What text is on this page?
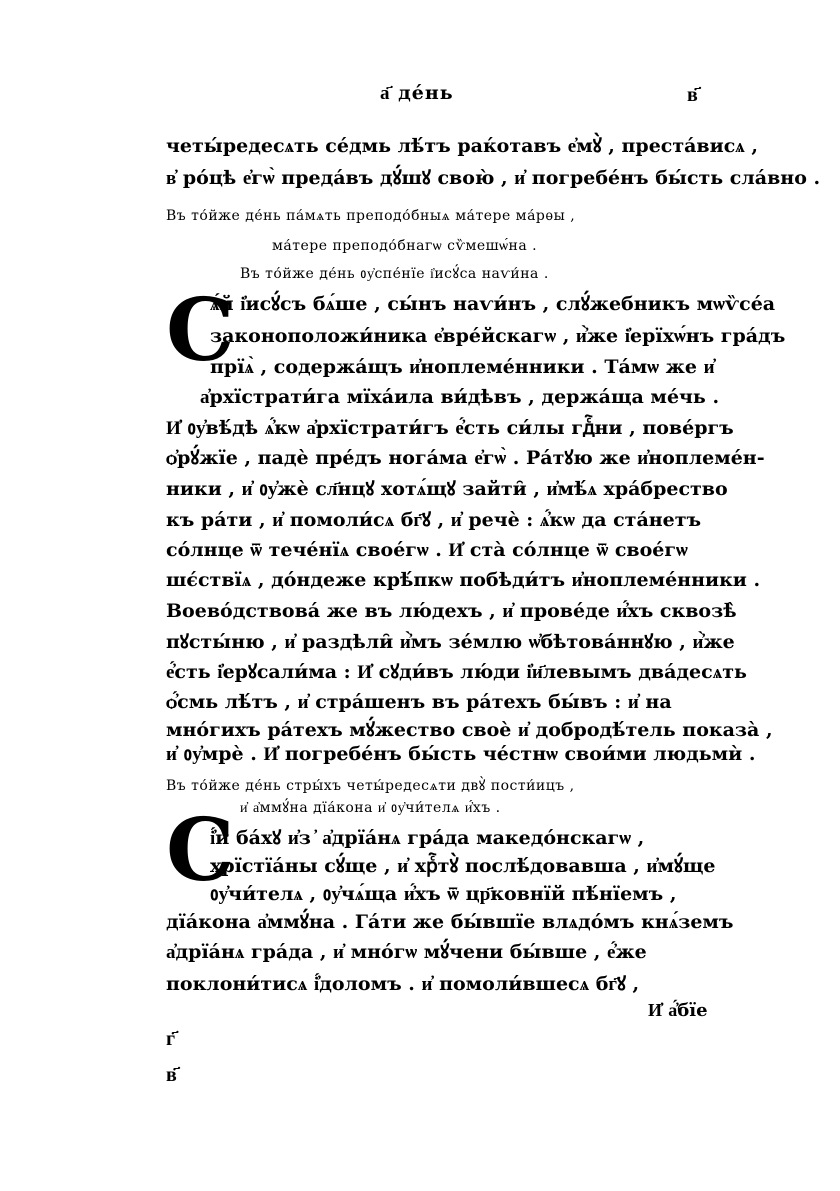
а҃ де́нь	в҃
четы́редесѧть се́дмь лѣ́тъ раќотавъ е҆мꙋ̀ , преста́висѧ ,
в҆ ро́цѣ е҆гѡ̀ преда́въ дꙋ́шꙋ свою̀ , и҆ погребе́нъ бы́сть сла́вно .
Въ то́йже де́нь па́мѧть преподо́бныѧ ма́тере ма́рѳы ,
ма́тере преподо́бнагѡ сѷмешѡ́на .
Въ то́йже де́нь ᲂу҆спе́нїе і҆исꙋ́са наѵи́на .
С
ѧ́й і҆исꙋ́съ бѧ́ше , сы́нъ наѵи́нъ , слꙋ́жебникъ мѡѷсе́а
законоположи́ника е҆вре́йскагѡ , и҆̀же і҆ерїхѡ́нъ гра́дъ
прїѧ̀ , содержа́щъ и҆ноплеме́нники . Та́мѡ же и҆
а҆рхїстрати́га мїха́ила ви́дѣвъ , держа́ща ме́чь .
И҆ ᲂу҆вѣ́дѣ ѧ҆́кѡ а҆рхїстрати́гъ е҆́сть си́лы гдⷭ҇ни , повéргъ
ѻ҆рꙋ́жїе , падѐ пре́дъ нога́ма е҆гѡ̀ . Ра́тꙋю же и҆ноплеме́н-
ники , и҆ ᲂу҆жѐ сл҃нцꙋ хотѧ́щꙋ зайти̑ , и҆мѣ́ѧ хра́брество
къ ра́ти , и҆ помоли́сѧ бг҃ꙋ , и҆ речѐ : ѧ҆́кѡ да ста́нетъ
со́лнце ѿ тече́нїѧ свое́гѡ . И҆ ста̀ со́лнце ѿ свое́гѡ
шє́ствїѧ , до́ндеже крѣ́пкѡ побѣди́тъ и҆ноплеме́нники .
Воево́дствова́ же въ лю́дехъ , и҆ прове́де и҆́хъ сквозѣ̀
пꙋсты́ню , и҆ раздѣли̑ и҆̀мъ зе́млю ѡ҆бѣтова́ннꙋю , и҆̀же
е҆́сть і҆ерꙋсали́ма : И҆ сꙋди́въ лю́ди і҆и҃левымъ два́десѧть
ѻ҆́смь лѣ́тъ , и҆ стра́шенъ въ ра́техъ бы́въ : и҆ на
мно́гихъ ра́техъ мꙋ́жество своѐ и҆ добродѣ́тель показа̀ ,
и҆ ᲂу҆мрѐ . И҆ погребе́нъ бы́сть че́стнѡ свои́ми людьмѝ .
Въ то́йже де́нь стры́хъ четы́редесѧти двꙋ̀ пости́ицъ ,
и҆ а҆ммꙋ́на дїа́кона и҆ ᲂу҆чи́телѧ и҆́хъ .
С
і҆́и ба́хꙋ и҆з ҆ а҆дрїа́нѧ гра́да македо́нскагѡ ,
хрїстїа́ны сꙋ́ще , и҆ хрⷭ҇тꙋ̀ послѣ́довавша , и҆мꙋ́ще
ᲂу҆чи́телѧ , ᲂу҆чѧ́ща и҆́хъ ѿ цр҃ковнїй пѣ́нїемъ ,
дїа́кона а҆ммꙋ́на . Га́ти же бы́вшїе влѧдо́мъ кнѧ́земъ
а҆дрїа́нѧ гра́да , и҆ мно́гѡ мꙋ́чени бы́вше , е҆́же
поклони́тисѧ і҆́доломъ . и҆ помоли́вшесѧ бг҃ꙋ ,
И҆ а҆́бїе
г҃
в҃
